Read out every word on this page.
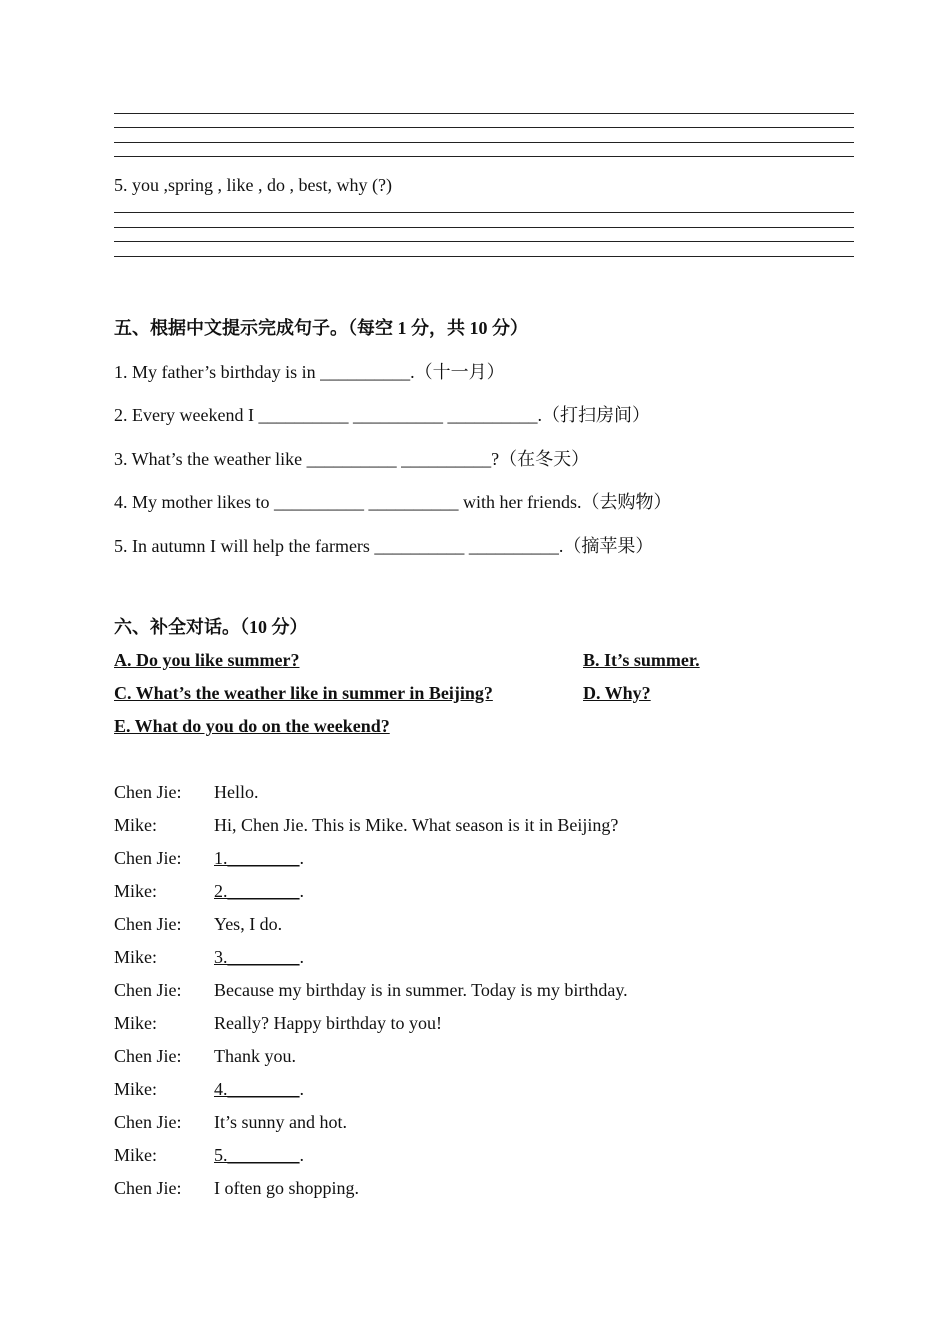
5. you ,spring , like , do , best, why (?)
五、根据中文提示完成句子。（每空 1 分，共 10 分）
1. My father’s birthday is in __________.（十一月）
2. Every weekend I __________ __________ __________.（打扫房间）
3. What’s the weather like __________ __________?（在冬天）
4. My mother likes to __________ __________ with her friends.（去购物）
5. In autumn I will help the farmers __________ __________.（摘苹果）
六、补全对话。（10 分）
A. Do you like summer?	B. It’s summer.
C. What’s the weather like in summer in Beijing?	D. Why?
E. What do you do on the weekend?
Chen Jie: Hello.
Mike:	Hi, Chen Jie. This is Mike. What season is it in Beijing?
Chen Jie: 1.________.
Mike:	2.________.
Chen Jie: Yes, I do.
Mike:	3.________.
Chen Jie: Because my birthday is in summer. Today is my birthday.
Mike:	Really? Happy birthday to you!
Chen Jie: Thank you.
Mike:	4.________.
Chen Jie: It’s sunny and hot.
Mike:	5.________.
Chen Jie: I often go shopping.
